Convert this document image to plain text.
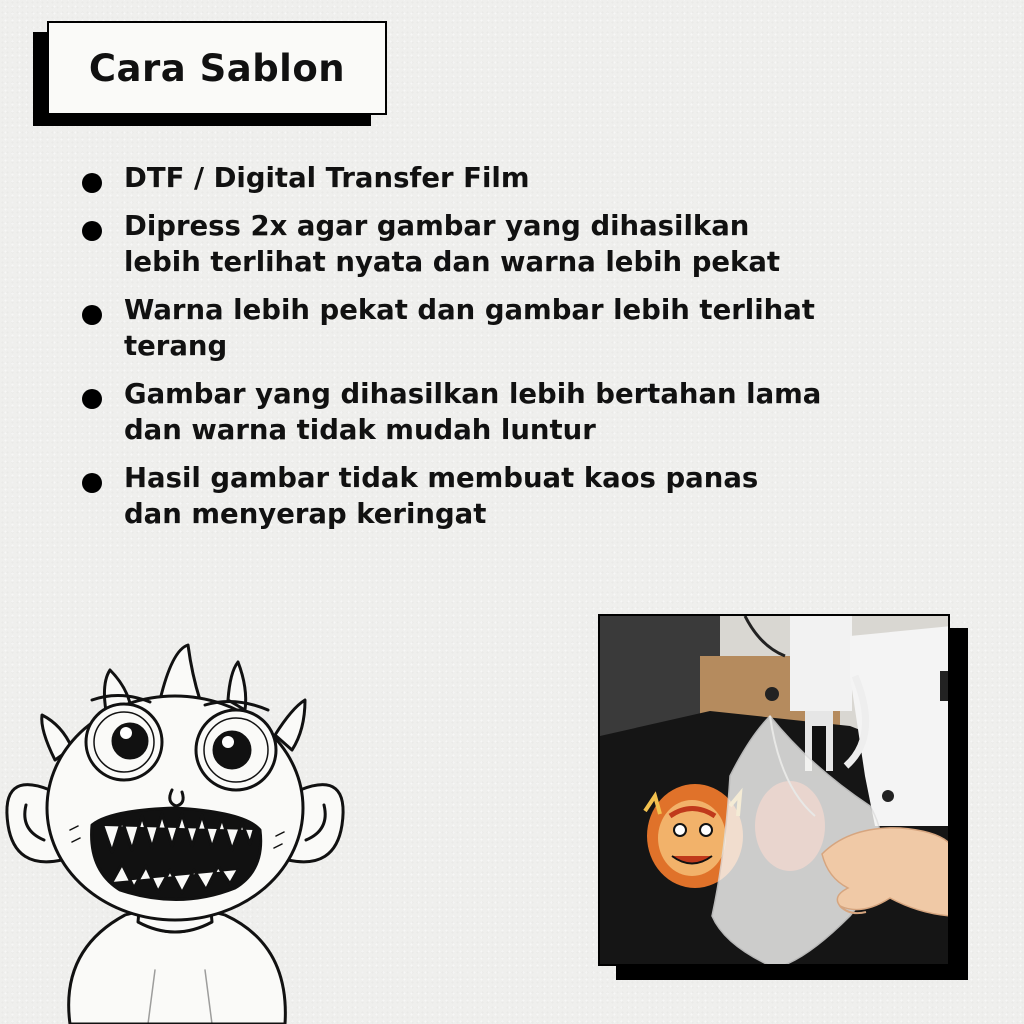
Cara Sablon
DTF / Digital Transfer Film
Dipress 2x agar gambar yang dihasilkan
lebih terlihat nyata dan warna lebih pekat
Warna lebih pekat dan gambar lebih terlihat
terang
Gambar yang dihasilkan lebih bertahan lama
dan warna tidak mudah luntur
Hasil gambar tidak membuat kaos panas
dan menyerap keringat
